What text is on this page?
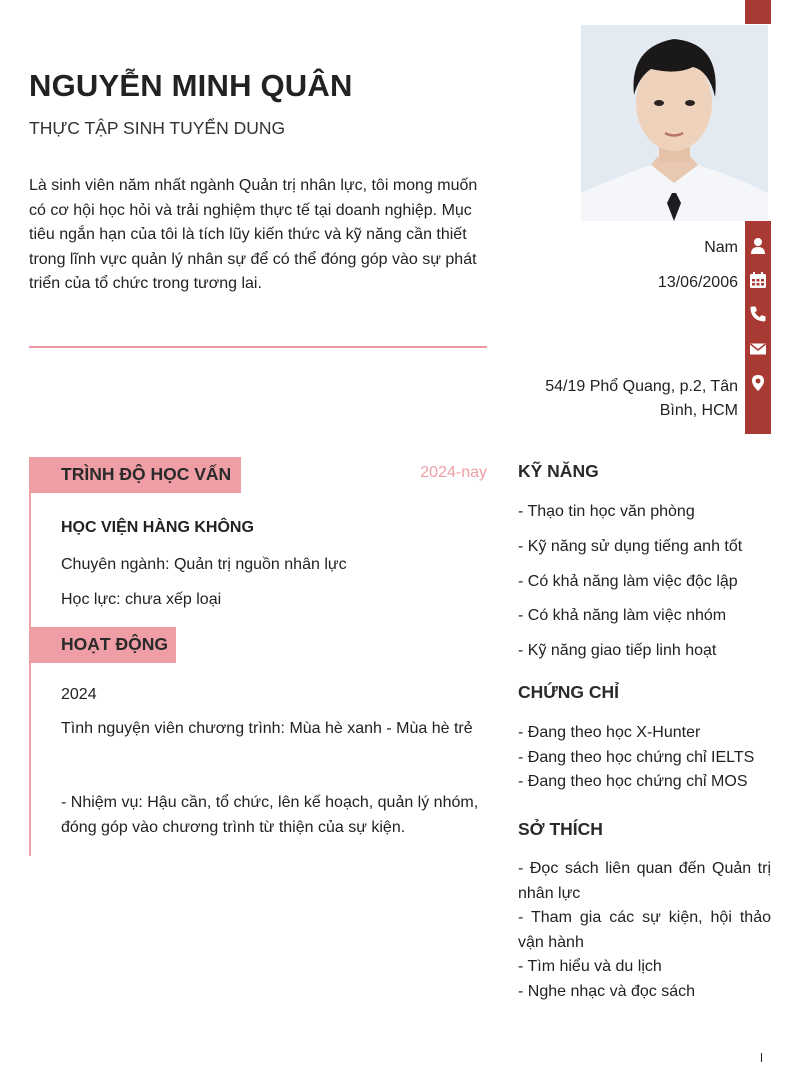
NGUYỄN MINH QUÂN
THỰC TẬP SINH TUYỂN DUNG
Là sinh viên năm nhất ngành Quản trị nhân lực, tôi mong muốn có cơ hội học hỏi và trải nghiệm thực tế tại doanh nghiệp. Mục tiêu ngắn hạn của tôi là tích lũy kiến thức và kỹ năng cần thiết trong lĩnh vực quản lý nhân sự để có thể đóng góp vào sự phát triển của tổ chức trong tương lai.
Nam
13/06/2006
54/19 Phổ Quang, p.2, Tân Bình, HCM
TRÌNH ĐỘ HỌC VẤN	2024-nay
HỌC VIỆN HÀNG KHÔNG
Chuyên ngành: Quản trị nguồn nhân lực
Học lực: chưa xếp loại
HOẠT ĐỘNG
2024
Tình nguyện viên chương trình: Mùa hè xanh - Mùa hè trẻ
- Nhiệm vụ: Hậu cần, tổ chức, lên kế hoạch, quản lý nhóm, đóng góp vào chương trình từ thiện của sự kiện.
KỸ NĂNG
- Thạo tin học văn phòng
- Kỹ năng sử dụng tiếng anh tốt
- Có khả năng làm việc độc lập
- Có khả năng làm việc nhóm
- Kỹ năng giao tiếp linh hoạt
CHỨNG CHỈ
- Đang theo học X-Hunter
- Đang theo học chứng chỉ IELTS
- Đang theo học chứng chỉ MOS
SỞ THÍCH
- Đọc sách liên quan đến Quản trị nhân lực
- Tham gia các sự kiện, hội thảo vận hành
- Tìm hiểu và du lịch
- Nghe nhạc và đọc sách
